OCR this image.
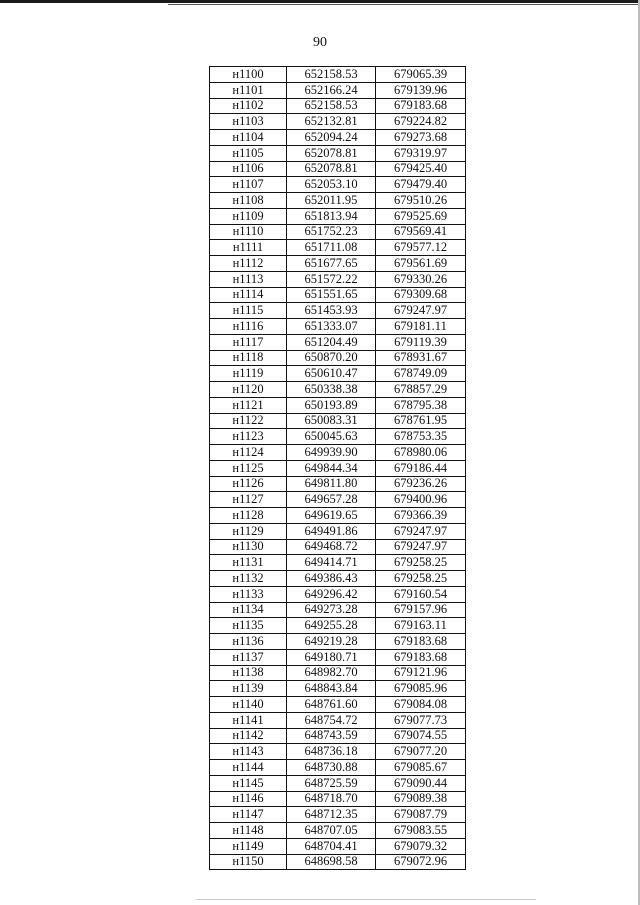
90
н1100	652158.53	679065.39
н1101	652166.24	679139.96
н1102	652158.53	679183.68
н1103	652132.81	679224.82
н1104	652094.24	679273.68
н1105	652078.81	679319.97
н1106	652078.81	679425.40
н1107	652053.10	679479.40
н1108	652011.95	679510.26
н1109	651813.94	679525.69
н1110	651752.23	679569.41
н1111	651711.08	679577.12
н1112	651677.65	679561.69
н1113	651572.22	679330.26
н1114	651551.65	679309.68
н1115	651453.93	679247.97
н1116	651333.07	679181.11
н1117	651204.49	679119.39
н1118	650870.20	678931.67
н1119	650610.47	678749.09
н1120	650338.38	678857.29
н1121	650193.89	678795.38
н1122	650083.31	678761.95
н1123	650045.63	678753.35
н1124	649939.90	678980.06
н1125	649844.34	679186.44
н1126	649811.80	679236.26
н1127	649657.28	679400.96
н1128	649619.65	679366.39
н1129	649491.86	679247.97
н1130	649468.72	679247.97
н1131	649414.71	679258.25
н1132	649386.43	679258.25
н1133	649296.42	679160.54
н1134	649273.28	679157.96
н1135	649255.28	679163.11
н1136	649219.28	679183.68
н1137	649180.71	679183.68
н1138	648982.70	679121.96
н1139	648843.84	679085.96
н1140	648761.60	679084.08
н1141	648754.72	679077.73
н1142	648743.59	679074.55
н1143	648736.18	679077.20
н1144	648730.88	679085.67
н1145	648725.59	679090.44
н1146	648718.70	679089.38
н1147	648712.35	679087.79
н1148	648707.05	679083.55
н1149	648704.41	679079.32
н1150	648698.58	679072.96
